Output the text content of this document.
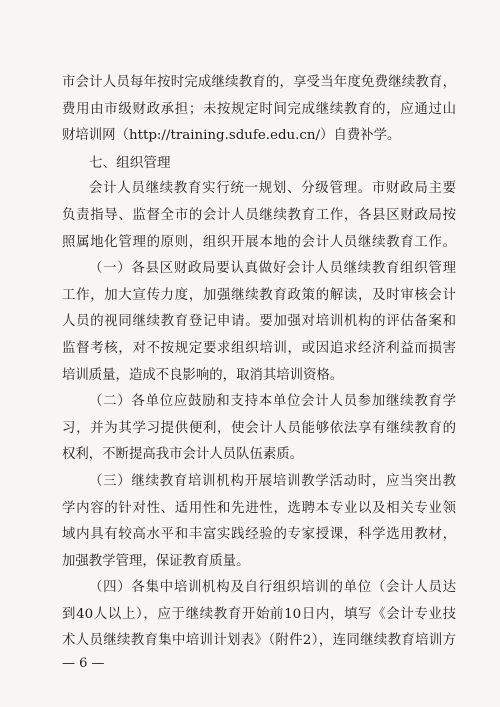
市会计人员每年按时完成继续教育的，享受当年度免费继续教育，
费用由市级财政承担；未按规定时间完成继续教育的，应通过山
财培训网（http://training.sdufe.edu.cn/）自费补学。
七、组织管理
会计人员继续教育实行统一规划、分级管理。市财政局主要
负责指导、监督全市的会计人员继续教育工作，各县区财政局按
照属地化管理的原则，组织开展本地的会计人员继续教育工作。
（一）各县区财政局要认真做好会计人员继续教育组织管理
工作，加大宣传力度，加强继续教育政策的解读，及时审核会计
人员的视同继续教育登记申请。要加强对培训机构的评估备案和
监督考核，对不按规定要求组织培训，或因追求经济利益而损害
培训质量，造成不良影响的，取消其培训资格。
（二）各单位应鼓励和支持本单位会计人员参加继续教育学
习，并为其学习提供便利，使会计人员能够依法享有继续教育的
权利，不断提高我市会计人员队伍素质。
（三）继续教育培训机构开展培训教学活动时，应当突出教
学内容的针对性、适用性和先进性，选聘本专业以及相关专业领
域内具有较高水平和丰富实践经验的专家授课，科学选用教材，
加强教学管理，保证教育质量。
（四）各集中培训机构及自行组织培训的单位（会计人员达
到40人以上），应于继续教育开始前10日内，填写《会计专业技
术人员继续教育集中培训计划表》（附件2），连同继续教育培训方
— 6 —
